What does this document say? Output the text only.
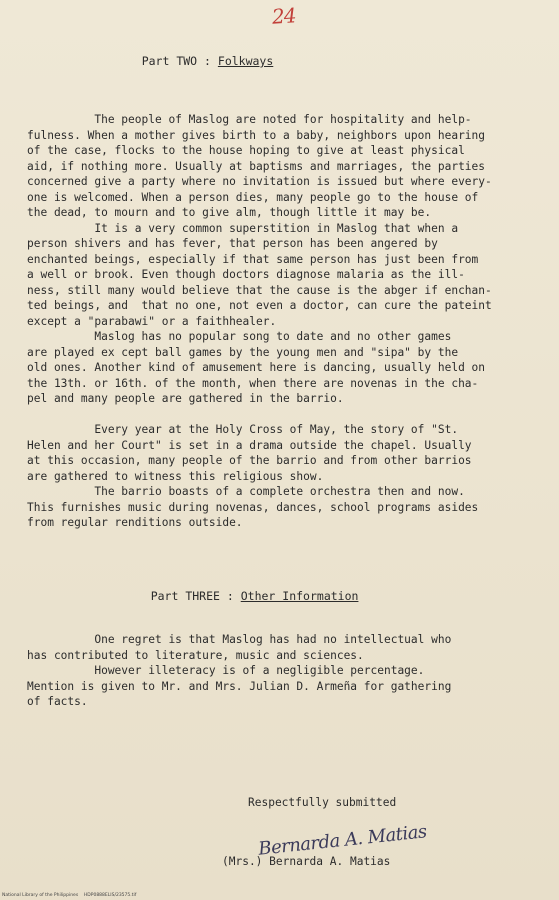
24

Part TWO : Folkways

The people of Maslog are noted for hospitality and help-
fulness. When a mother gives birth to a baby, neighbors upon hearing
of the case, flocks to the house hoping to give at least physical
aid, if nothing more. Usually at baptisms and marriages, the parties
concerned give a party where no invitation is issued but where every-
one is welcomed. When a person dies, many people go to the house of
the dead, to mourn and to give alm, though little it may be.
It is a very common superstition in Maslog that when a
person shivers and has fever, that person has been angered by
enchanted beings, especially if that same person has just been from
a well or brook. Even though doctors diagnose malaria as the ill-
ness, still many would believe that the cause is the abger if enchan-
ted beings, and  that no one, not even a doctor, can cure the pateint
except a "parabawi" or a faithhealer.
Maslog has no popular song to date and no other games
are played ex cept ball games by the young men and "sipa" by the
old ones. Another kind of amusement here is dancing, usually held on
the 13th. or 16th. of the month, when there are novenas in the cha-
pel and many people are gathered in the barrio.
Every year at the Holy Cross of May, the story of "St.
Helen and her Court" is set in a drama outside the chapel. Usually
at this occasion, many people of the barrio and from other barrios
are gathered to witness this religious show.
The barrio boasts of a complete orchestra then and now.
This furnishes music during novenas, dances, school programs asides
from regular renditions outside.

Part THREE : Other Information

One regret is that Maslog has had no intellectual who
has contributed to literature, music and sciences.
However illeteracy is of a negligible percentage.
Mention is given to Mr. and Mrs. Julian D. Armeña for gathering
of facts.
Respectfully submitted
Bernarda A. Matias
(Mrs.) Bernarda A. Matias
National Library of the Philippines    HDP0888ELIS/23575.tif
